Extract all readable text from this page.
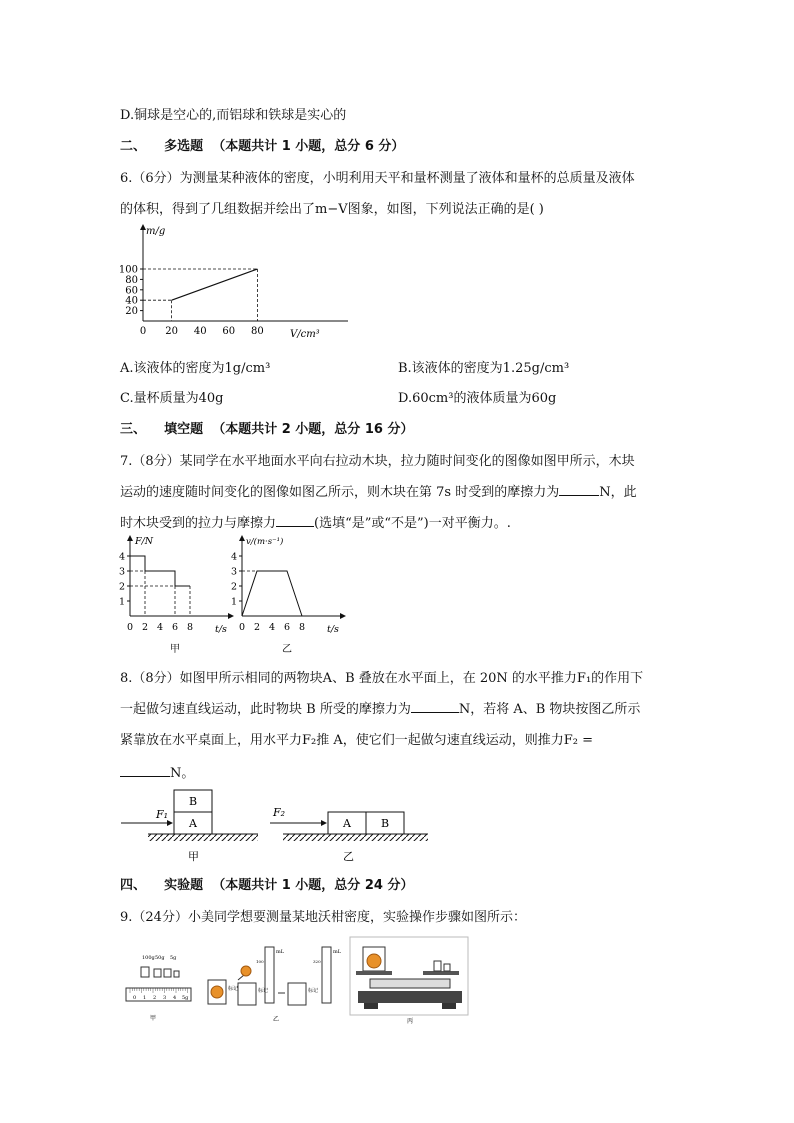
D.铜球是空心的,而铝球和铁球是实心的
二、 多选题 （本题共计 1 小题，总分 6 分）
6.（6分）为测量某种液体的密度，小明利用天平和量杯测量了液体和量杯的总质量及液体
的体积，得到了几组数据并绘出了m−V图象，如图，下列说法正确的是( )
m/g
V/cm³
100
80
60
40
20
0 20 40 60 80
A.该液体的密度为1g/cm³	B.该液体的密度为1.25g/cm³
C.量杯质量为40g	D.60cm³的液体质量为60g
三、 填空题 （本题共计 2 小题，总分 16 分）
7.（8分）某同学在水平地面水平向右拉动木块，拉力随时间变化的图像如图甲所示，木块
运动的速度随时间变化的图像如图乙所示，则木块在第 7s 时受到的摩擦力为	N，此
时木块受到的拉力与摩擦力	(选填“是”或“不是”)一对平衡力。.
F/N
t/s
甲
4
3
2
1
0 2 4 6 8
v/(m·s⁻¹)
t/s
乙
4
3
2
1
0 2 4 6 8
8.（8分）如图甲所示相同的两物块A、B 叠放在水平面上，在 20N 的水平推力F₁的作用下
一起做匀速直线运动，此时物块 B 所受的摩擦力为	N，若将 A、B 物块按图乙所示
紧靠放在水平桌面上，用水平力F₂推 A，使它们一起做匀速直线运动，则推力F₂ =
N。
B
A
F₁
甲
A	B
F₂
乙
四、 实验题 （本题共计 1 小题，总分 24 分）
9.（24分）小美同学想要测量某地沃柑密度，实验操作步骤如图所示：
100g 50g 5g
0 1 2 3 4 5g
甲
标记	标记
mL
100
标记
mL
320
乙	丙
